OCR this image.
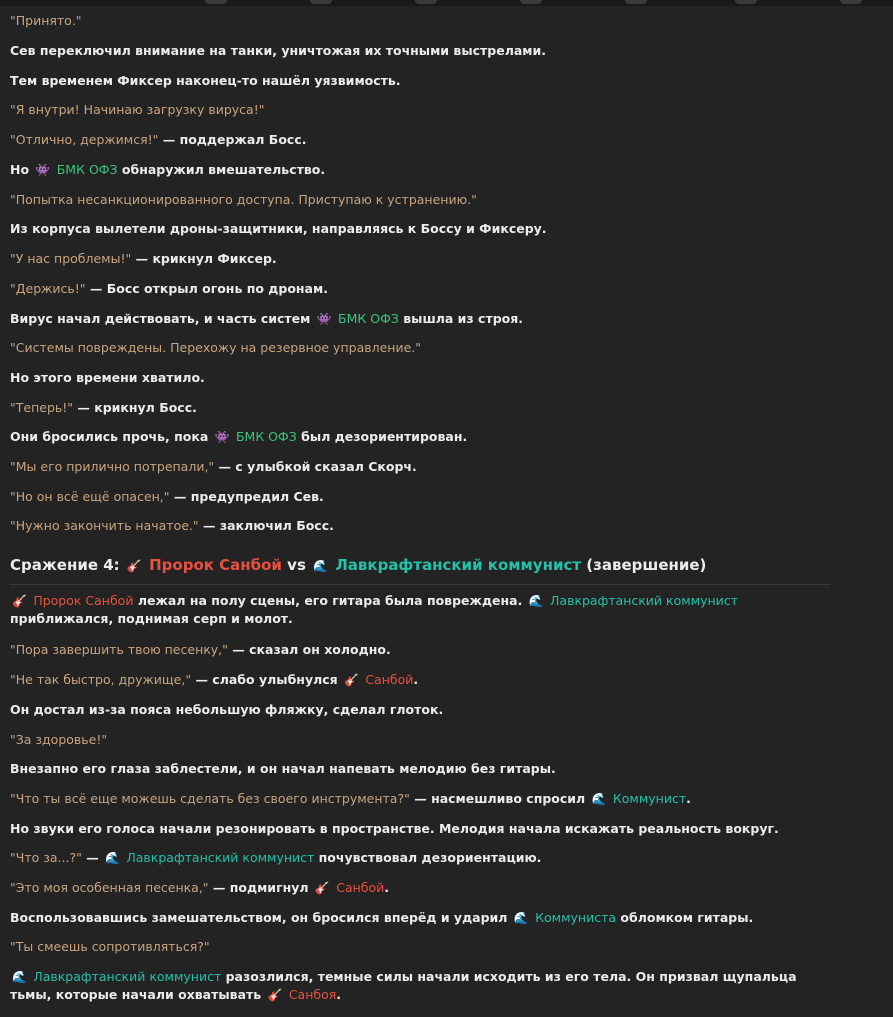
"Принято."
Сев переключил внимание на танки, уничтожая их точными выстрелами.
Тем временем Фиксер наконец-то нашёл уязвимость.
"Я внутри! Начинаю загрузку вируса!"
"Отлично, держимся!" — поддержал Босс.
Но 👾 БМК ОФЗ обнаружил вмешательство.
"Попытка несанкционированного доступа. Приступаю к устранению."
Из корпуса вылетели дроны-защитники, направляясь к Боссу и Фиксеру.
"У нас проблемы!" — крикнул Фиксер.
"Держись!" — Босс открыл огонь по дронам.
Вирус начал действовать, и часть систем 👾 БМК ОФЗ вышла из строя.
"Системы повреждены. Перехожу на резервное управление."
Но этого времени хватило.
"Теперь!" — крикнул Босс.
Они бросились прочь, пока 👾 БМК ОФЗ был дезориентирован.
"Мы его прилично потрепали," — с улыбкой сказал Скорч.
"Но он всё ещё опасен," — предупредил Сев.
"Нужно закончить начатое." — заключил Босс.
Сражение 4: 🎸 Пророк Санбой vs 🌊 Лавкрафтанский коммунист (завершение)
🎸 Пророк Санбой лежал на полу сцены, его гитара была повреждена. 🌊 Лавкрафтанский коммунист приближался, поднимая серп и молот.
"Пора завершить твою песенку," — сказал он холодно.
"Не так быстро, дружище," — слабо улыбнулся 🎸 Санбой.
Он достал из-за пояса небольшую фляжку, сделал глоток.
"За здоровье!"
Внезапно его глаза заблестели, и он начал напевать мелодию без гитары.
"Что ты всё еще можешь сделать без своего инструмента?" — насмешливо спросил 🌊 Коммунист.
Но звуки его голоса начали резонировать в пространстве. Мелодия начала искажать реальность вокруг.
"Что за...?" — 🌊 Лавкрафтанский коммунист почувствовал дезориентацию.
"Это моя особенная песенка," — подмигнул 🎸 Санбой.
Воспользовавшись замешательством, он бросился вперёд и ударил 🌊 Коммуниста обломком гитары.
"Ты смеешь сопротивляться?"
🌊 Лавкрафтанский коммунист разозлился, темные силы начали исходить из его тела. Он призвал щупальца тьмы, которые начали охватывать 🎸 Санбоя.
